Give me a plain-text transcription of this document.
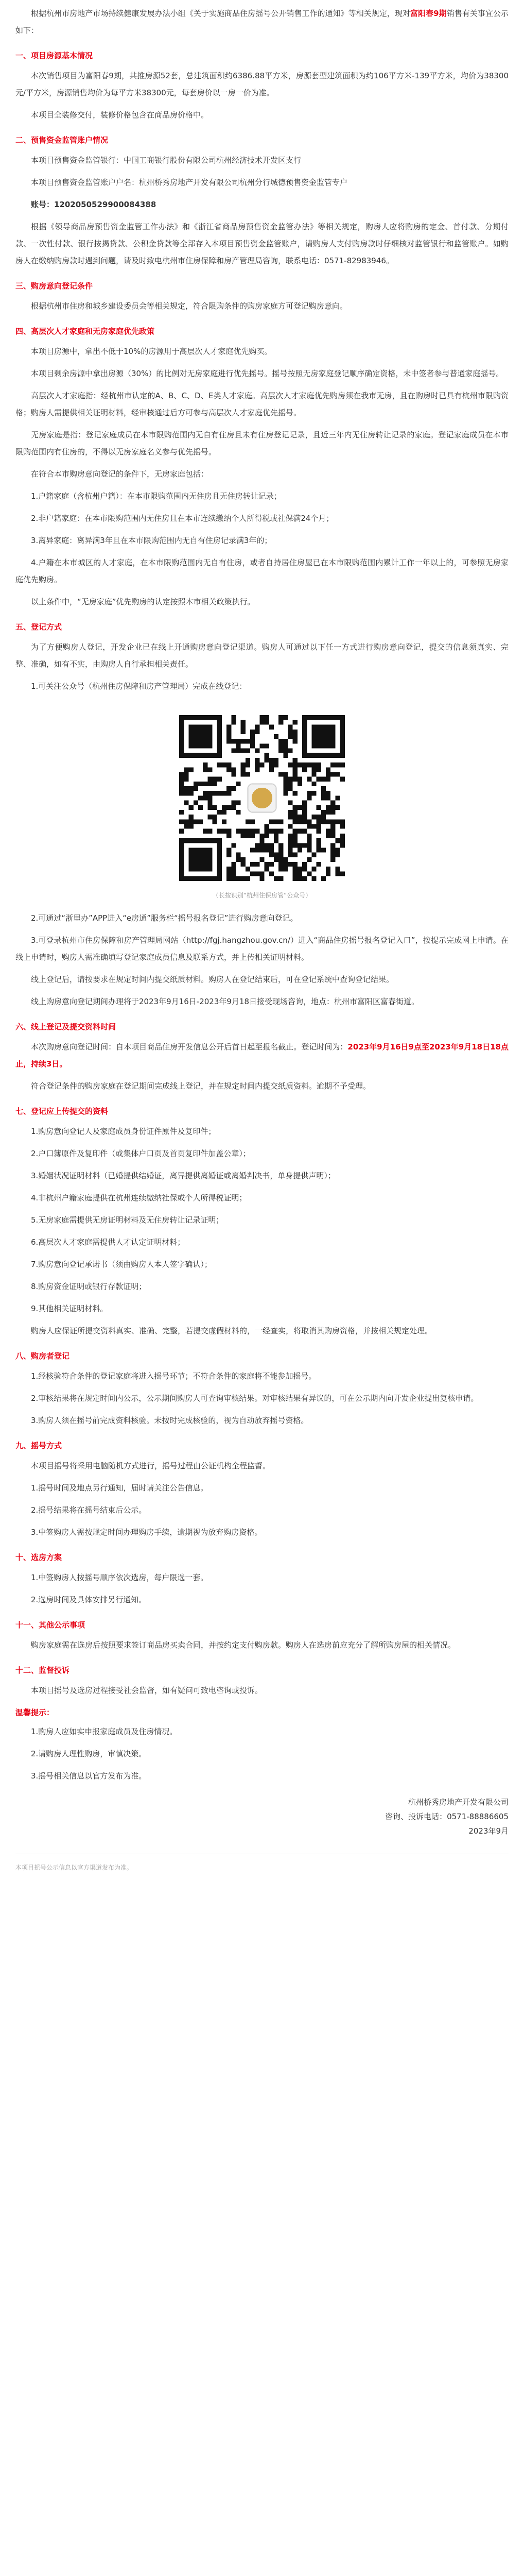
根据杭州市房地产市场持续健康发展办法小组《关于实施商品住房摇号公开销售工作的通知》等相关规定，现对富阳春9期销售有关事宜公示如下：

一、项目房源基本情况

本次销售项目为富阳春9期，共推房源52套，总建筑面积约6386.88平方米，房源套型建筑面积为约106平方米-139平方米，均价为38300元/平方米，房源销售均价为每平方米38300元，每套房价以一房一价为准。

本项目全装修交付，装修价格包含在商品房价格中。

二、预售资金监管账户情况

本项目预售资金监管银行：中国工商银行股份有限公司杭州经济技术开发区支行

本项目预售资金监管账户户名：杭州桥秀房地产开发有限公司杭州分行城德预售资金监管专户

账号：1202050529900084388

根据《领导商品房预售资金监管工作办法》和《浙江省商品房预售资金监管办法》等相关规定，购房人应将购房的定金、首付款、分期付款、一次性付款、银行按揭贷款、公积金贷款等全部存入本项目预售资金监管账户，请购房人支付购房款时仔细核对监管银行和监管账户。如购房人在缴纳购房款时遇到问题，请及时致电杭州市住房保障和房产管理局咨询，联系电话：0571-82983946。

三、购房意向登记条件

根据杭州市住房和城乡建设委员会等相关规定，符合限购条件的购房家庭方可登记购房意向。

四、高层次人才家庭和无房家庭优先政策

本项目房源中，拿出不低于10%的房源用于高层次人才家庭优先购买。

本项目剩余房源中拿出房源（30%）的比例对无房家庭进行优先摇号。摇号按照无房家庭登记顺序确定资格，未中签者参与普通家庭摇号。

高层次人才家庭指：经杭州市认定的A、B、C、D、E类人才家庭。高层次人才家庭优先购房须在我市无房，且在购房时已具有杭州市限购资格；购房人需提供相关证明材料，经审核通过后方可参与高层次人才家庭优先摇号。

无房家庭是指：登记家庭成员在本市限购范围内无自有住房且未有住房登记记录，且近三年内无住房转让记录的家庭。登记家庭成员在本市限购范围内有住房的，不得以无房家庭名义参与优先摇号。

在符合本市购房意向登记的条件下，无房家庭包括：

1.户籍家庭（含杭州户籍）：在本市限购范围内无住房且无住房转让记录；

2.非户籍家庭：在本市限购范围内无住房且在本市连续缴纳个人所得税或社保满24个月；

3.离异家庭：离异满3年且在本市限购范围内无自有住房记录满3年的；

4.户籍在本市城区的人才家庭，在本市限购范围内无自有住房，或者自持居住房屋已在本市限购范围内累计工作一年以上的，可参照无房家庭优先购房。

以上条件中，“无房家庭”优先购房的认定按照本市相关政策执行。

五、登记方式

为了方便购房人登记，开发企业已在线上开通购房意向登记渠道。购房人可通过以下任一方式进行购房意向登记，提交的信息须真实、完整、准确，如有不实，由购房人自行承担相关责任。

1.可关注公众号（杭州住房保障和房产管理局）完成在线登记：

（长按识别“杭州住保房管”公众号）

2.可通过“浙里办”APP进入“e房通”服务栏“摇号报名登记”进行购房意向登记。

3.可登录杭州市住房保障和房产管理局网站（http://fgj.hangzhou.gov.cn/）进入“商品住房摇号报名登记入口”，按提示完成网上申请。在线上申请时，购房人需准确填写登记家庭成员信息及联系方式，并上传相关证明材料。

线上登记后，请按要求在规定时间内提交纸质材料。购房人在登记结束后，可在登记系统中查询登记结果。

线上购房意向登记期间办理将于2023年9月16日-2023年9月18日接受现场咨询，地点：杭州市富阳区富春街道。

六、线上登记及提交资料时间

本次购房意向登记时间：自本项目商品住房开发信息公开后首日起至报名截止。登记时间为：2023年9月16日9点至2023年9月18日18点止，持续3日。

符合登记条件的购房家庭在登记期间完成线上登记，并在规定时间内提交纸质资料。逾期不予受理。

七、登记应上传提交的资料

1.购房意向登记人及家庭成员身份证件原件及复印件；

2.户口簿原件及复印件（或集体户口页及首页复印件加盖公章）；

3.婚姻状况证明材料（已婚提供结婚证，离异提供离婚证或离婚判决书，单身提供声明）；

4.非杭州户籍家庭提供在杭州连续缴纳社保或个人所得税证明；

5.无房家庭需提供无房证明材料及无住房转让记录证明；

6.高层次人才家庭需提供人才认定证明材料；

7.购房意向登记承诺书（须由购房人本人签字确认）；

8.购房资金证明或银行存款证明；

9.其他相关证明材料。

购房人应保证所提交资料真实、准确、完整，若提交虚假材料的，一经查实，将取消其购房资格，并按相关规定处理。

八、购房者登记

1.经核验符合条件的登记家庭将进入摇号环节；不符合条件的家庭将不能参加摇号。

2.审核结果将在规定时间内公示，公示期间购房人可查询审核结果。对审核结果有异议的，可在公示期内向开发企业提出复核申请。

3.购房人须在摇号前完成资料核验。未按时完成核验的，视为自动放弃摇号资格。

九、摇号方式

本项目摇号将采用电脑随机方式进行，摇号过程由公证机构全程监督。

1.摇号时间及地点另行通知，届时请关注公告信息。

2.摇号结果将在摇号结束后公示。

3.中签购房人需按规定时间办理购房手续，逾期视为放弃购房资格。

十、选房方案

1.中签购房人按摇号顺序依次选房，每户限选一套。

2.选房时间及具体安排另行通知。

十一、其他公示事项

购房家庭需在选房后按照要求签订商品房买卖合同，并按约定支付购房款。购房人在选房前应充分了解所购房屋的相关情况。

十二、监督投诉

本项目摇号及选房过程接受社会监督，如有疑问可致电咨询或投诉。

温馨提示：

1.购房人应如实申报家庭成员及住房情况。

2.请购房人理性购房，审慎决策。

3.摇号相关信息以官方发布为准。

杭州桥秀房地产开发有限公司
咨询、投诉电话：0571-88886605
2023年9月
本项目摇号公示信息以官方渠道发布为准。
